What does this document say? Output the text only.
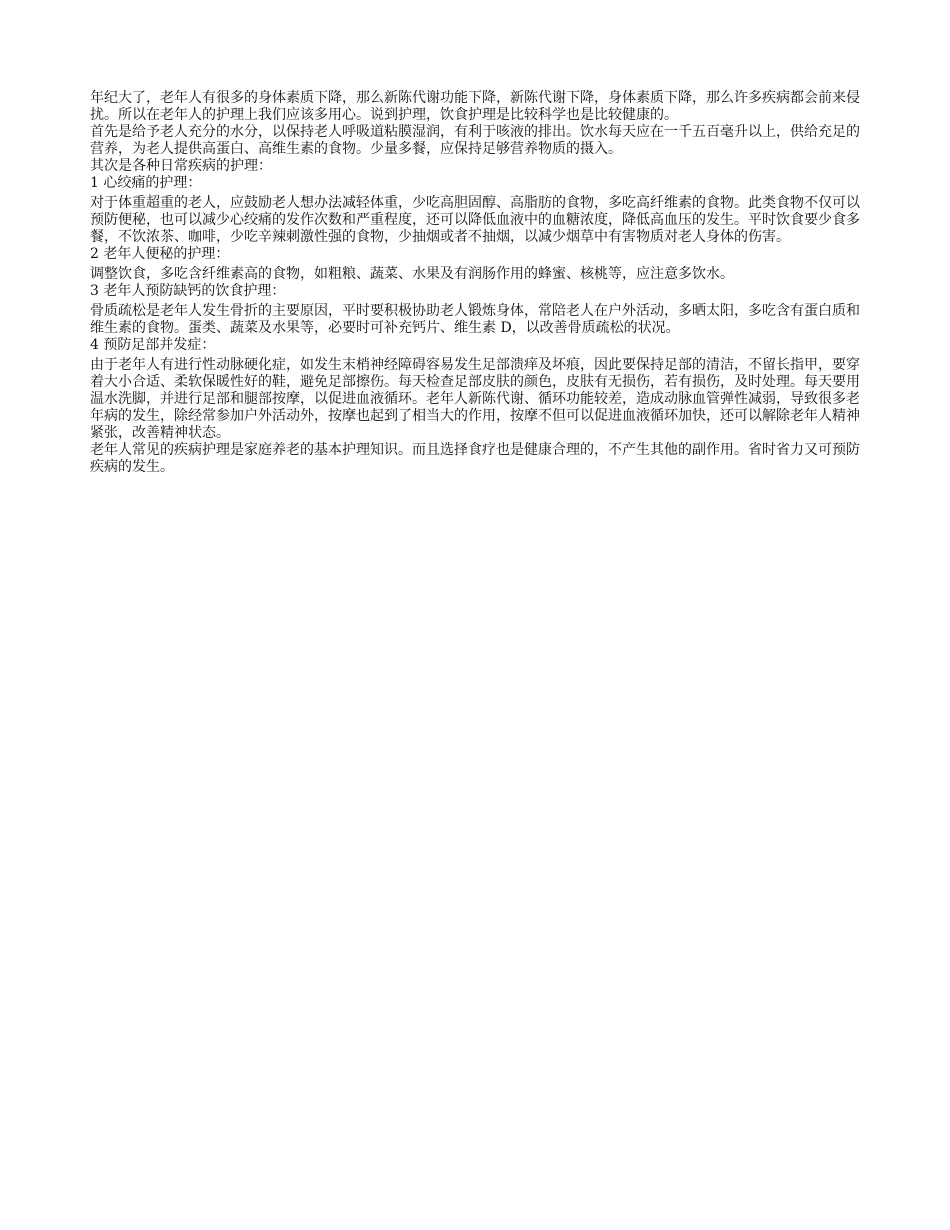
年纪大了，老年人有很多的身体素质下降，那么新陈代谢功能下降，新陈代谢下降，身体素质下降，那么许多疾病都会前来侵扰。所以在老年人的护理上我们应该多用心。说到护理，饮食护理是比较科学也是比较健康的。

首先是给予老人充分的水分，以保持老人呼吸道粘膜湿润，有利于咳液的排出。饮水每天应在一千五百毫升以上，供给充足的营养，为老人提供高蛋白、高维生素的食物。少量多餐，应保持足够营养物质的摄入。

其次是各种日常疾病的护理：

1 心绞痛的护理：

对于体重超重的老人，应鼓励老人想办法减轻体重，少吃高胆固醇、高脂肪的食物，多吃高纤维素的食物。此类食物不仅可以预防便秘，也可以减少心绞痛的发作次数和严重程度，还可以降低血液中的血糖浓度，降低高血压的发生。平时饮食要少食多餐，不饮浓茶、咖啡，少吃辛辣刺激性强的食物，少抽烟或者不抽烟，以减少烟草中有害物质对老人身体的伤害。

2 老年人便秘的护理：

调整饮食，多吃含纤维素高的食物，如粗粮、蔬菜、水果及有润肠作用的蜂蜜、核桃等，应注意多饮水。

3 老年人预防缺钙的饮食护理：

骨质疏松是老年人发生骨折的主要原因，平时要积极协助老人锻炼身体，常陪老人在户外活动，多晒太阳，多吃含有蛋白质和维生素的食物。蛋类、蔬菜及水果等，必要时可补充钙片、维生素 D，以改善骨质疏松的状况。

4 预防足部并发症：

由于老年人有进行性动脉硬化症，如发生末梢神经障碍容易发生足部溃痒及坏痕，因此要保持足部的清洁，不留长指甲，要穿着大小合适、柔软保暖性好的鞋，避免足部擦伤。每天检查足部皮肤的颜色，皮肤有无损伤，若有损伤，及时处理。每天要用温水洗脚，并进行足部和腿部按摩，以促进血液循环。老年人新陈代谢、循环功能较差，造成动脉血管弹性减弱，导致很多老年病的发生，除经常参加户外活动外，按摩也起到了相当大的作用，按摩不但可以促进血液循环加快，还可以解除老年人精神紧张，改善精神状态。

老年人常见的疾病护理是家庭养老的基本护理知识。而且选择食疗也是健康合理的，不产生其他的副作用。省时省力又可预防疾病的发生。
